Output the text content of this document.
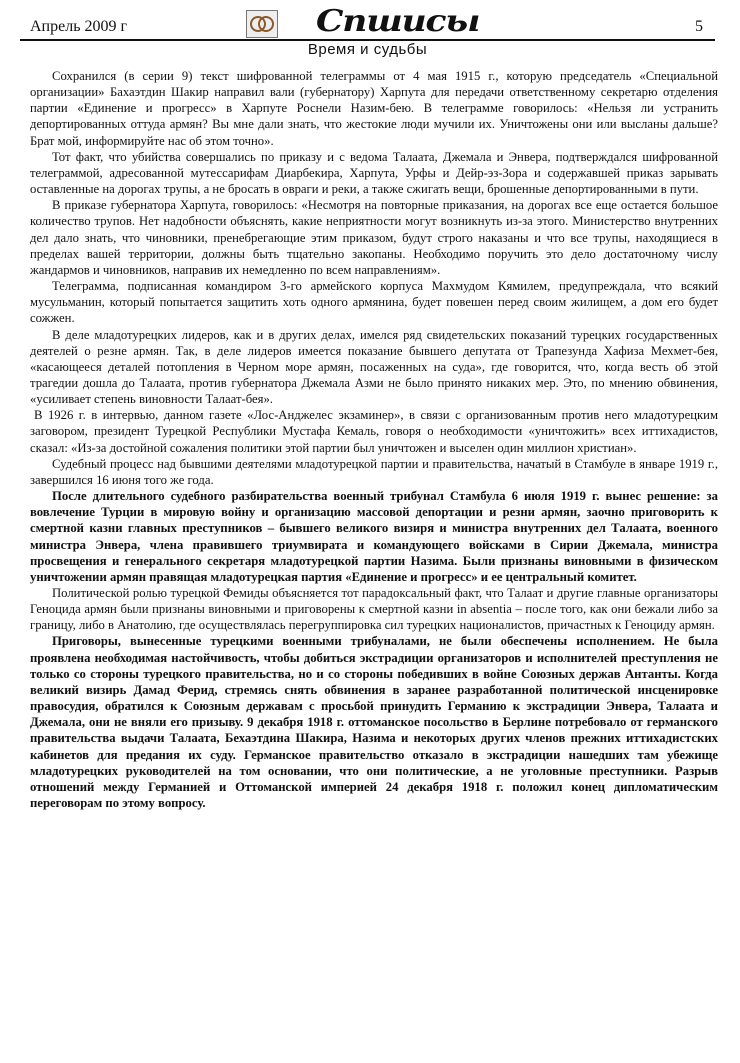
Апрель 2009 г	Спшисы	5
Время и судьбы

Сохранился (в серии 9) текст шифрованной телеграммы от 4 мая 1915 г., которую председатель «Специальной организации» Бахаэтдин Шакир направил вали (губернатору) Харпута для передачи ответственному секретарю отделения партии «Единение и прогресс» в Харпуте Роснели Назим-бею. В телеграмме говорилось: «Нельзя ли устранить депортированных оттуда армян? Вы мне дали знать, что жестокие люди мучили их. Уничтожены они или высланы дальше? Брат мой, информируйте нас об этом точно».

Тот факт, что убийства совершались по приказу и с ведома Талаата, Джемала и Энвера, подтверждался шифрованной телеграммой, адресованной мутессарифам Диарбекира, Харпута, Урфы и Дейр-эз-Зора и содержавшей приказ зарывать оставленные на дорогах трупы, а не бросать в овраги и реки, а также сжигать вещи, брошенные депортированными в пути.

В приказе губернатора Харпута, говорилось: «Несмотря на повторные приказания, на дорогах все еще остается большое количество трупов. Нет надобности объяснять, какие неприятности могут возникнуть из-за этого. Министерство внутренних дел дало знать, что чиновники, пренебрегающие этим приказом, будут строго наказаны и что все трупы, находящиеся в пределах вашей территории, должны быть тщательно закопаны. Необходимо поручить это дело достаточному числу жандармов и чиновников, направив их немедленно по всем направлениям».

Телеграмма, подписанная командиром 3-го армейского корпуса Махмудом Кямилем, предупреждала, что всякий мусульманин, который попытается защитить хоть одного армянина, будет повешен перед своим жилищем, а дом его будет сожжен.

В деле младотурецких лидеров, как и в других делах, имелся ряд свидетельских показаний турецких государственных деятелей о резне армян. Так, в деле лидеров имеется показание бывшего депутата от Трапезунда Хафиза Мехмет-бея, «касающееся деталей потопления в Черном море армян, посаженных на суда», где говорится, что, когда весть об этой трагедии дошла до Талаата, против губернатора Джемала Азми не было принято никаких мер. Это, по мнению обвинения, «усиливает степень виновности Талаат-бея».

В 1926 г. в интервью, данном газете «Лос-Анджелес экзаминер», в связи с организованным против него младотурецким заговором, президент Турецкой Республики Мустафа Кемаль, говоря о необходимости «уничтожить» всех иттихадистов, сказал: «Из-за достойной сожаления политики этой партии был уничтожен и выселен один миллион христиан».

Судебный процесс над бывшими деятелями младотурецкой партии и правительства, начатый в Стамбуле в январе 1919 г., завершился 16 июня того же года.

После длительного судебного разбирательства военный трибунал Стамбула 6 июля 1919 г. вынес решение: за вовлечение Турции в мировую войну и организацию массовой депортации и резни армян, заочно приговорить к смертной казни главных преступников – бывшего великого визиря и министра внутренних дел Талаата, военного министра Энвера, члена правившего триумвирата и командующего войсками в Сирии Джемала, министра просвещения и генерального секретаря младотурецкой партии Назима. Были признаны виновными в физическом уничтожении армян правящая младотурецкая партия «Единение и прогресс» и ее центральный комитет.

Политической ролью турецкой Фемиды объясняется тот парадоксальный факт, что Талаат и другие главные организаторы Геноцида армян были признаны виновными и приговорены к смертной казни in absentia – после того, как они бежали либо за границу, либо в Анатолию, где осуществлялась перегруппировка сил турецких националистов, причастных к Геноциду армян.

Приговоры, вынесенные турецкими военными трибуналами, не были обеспечены исполнением. Не была проявлена необходимая настойчивость, чтобы добиться экстрадиции организаторов и исполнителей преступления не только со стороны турецкого правительства, но и со стороны победивших в войне Союзных держав Антанты. Когда великий визирь Дамад Ферид, стремясь снять обвинения в заранее разработанной политической инсценировке правосудия, обратился к Союзным державам с просьбой принудить Германию к экстрадиции Энвера, Талаата и Джемала, они не вняли его призыву. 9 декабря 1918 г. оттоманское посольство в Берлине потребовало от германского правительства выдачи Талаата, Бехаэтдина Шакира, Назима и некоторых других членов прежних иттихадистских кабинетов для предания их суду. Германское правительство отказало в экстрадиции нашедших там убежище младотурецких руководителей на том основании, что они политические, а не уголовные преступники. Разрыв отношений между Германией и Оттоманской империей 24 декабря 1918 г. положил конец дипломатическим переговорам по этому вопросу.
